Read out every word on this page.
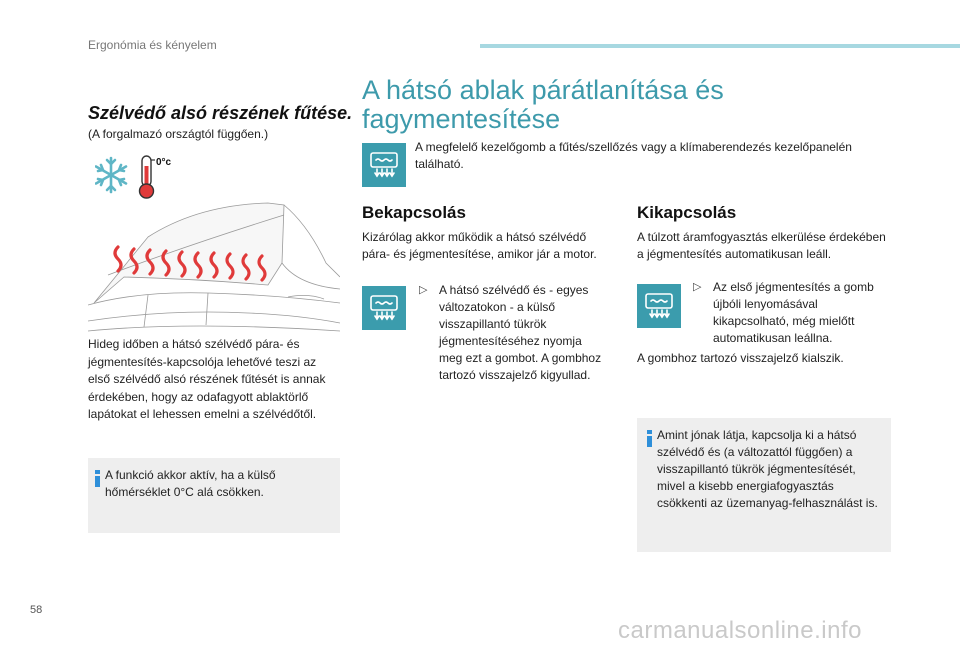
Ergonómia és kényelem
Szélvédő alsó részének fűtése.
(A forgalmazó országtól függően.)
0°c
Hideg időben a hátsó szélvédő pára- és jégmentesítés-kapcsolója lehetővé teszi az első szélvédő alsó részének fűtését is annak érdekében, hogy az odafagyott ablaktörlő lapátokat el lehessen emelni a szélvédőtől.
A funkció akkor aktív, ha a külső hőmérséklet 0°C alá csökken.
A hátsó ablak párátlanítása és fagymentesítése
A megfelelő kezelőgomb a fűtés/szellőzés vagy a klímaberendezés kezelőpanelén található.
Bekapcsolás
Kizárólag akkor működik a hátsó szélvédő pára- és jégmentesítése, amikor jár a motor.
▷ A hátsó szélvédő és - egyes változatokon - a külső visszapillantó tükrök jégmentesítéséhez nyomja meg ezt a gombot. A gombhoz tartozó visszajelző kigyullad.
Kikapcsolás
A túlzott áramfogyasztás elkerülése érdekében a jégmentesítés automatikusan leáll.
▷ Az első jégmentesítés a gomb újbóli lenyomásával kikapcsolható, még mielőtt automatikusan leállna.
A gombhoz tartozó visszajelző kialszik.
Amint jónak látja, kapcsolja ki a hátsó szélvédő és (a változattól függően) a visszapillantó tükrök jégmentesítését, mivel a kisebb energiafogyasztás csökkenti az üzemanyag-felhasználást is.
58
carmanualsonline.info
